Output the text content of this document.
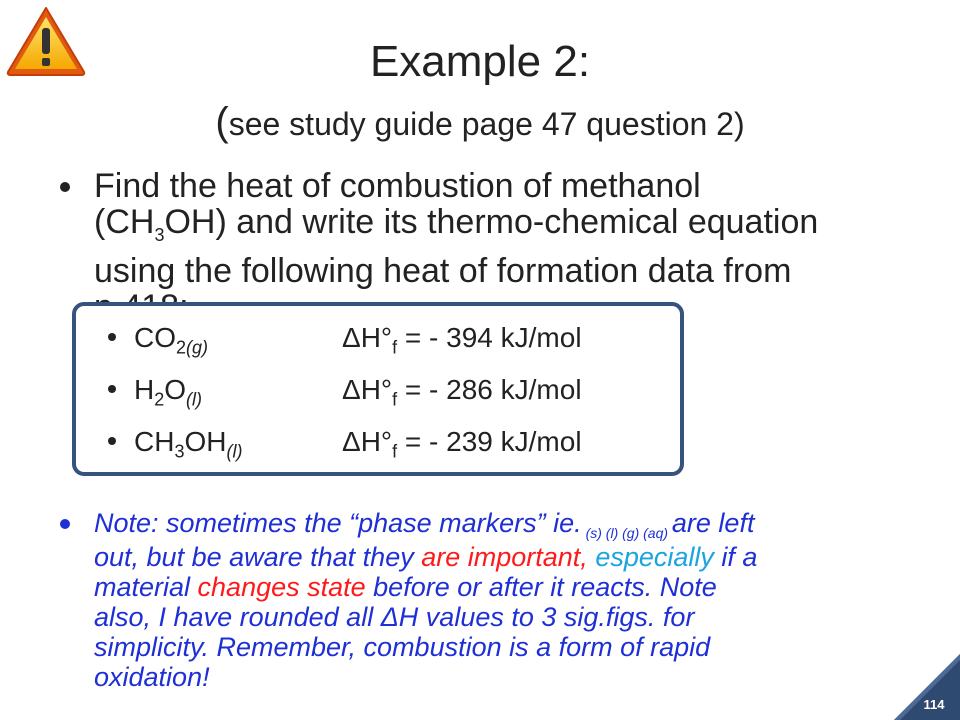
Example 2:
(see study guide page 47 question 2)
Find the heat of combustion of methanol
$(CH_3OH)$ and write its thermo-chemical equation
using the following heat of formation data from
$CO_{2(g)}$	$\Delta H^\circ_f$ = - 394 kJ/mol
$H_2O_{(l)}$	$\Delta H^\circ_f$ = - 286 kJ/mol
$CH_3OH_{(l)}$	$\Delta H^\circ_f$ = - 239 kJ/mol
Note: sometimes the “phase markers” ie. $_{(s) (l) (g) (aq)}$ are left
out, but be aware that they are important, especially if a
material changes state before or after it reacts. Note
also, I have rounded all ΔH values to 3 sig.figs. for
simplicity. Remember, combustion is a form of rapid
oxidation!
114
